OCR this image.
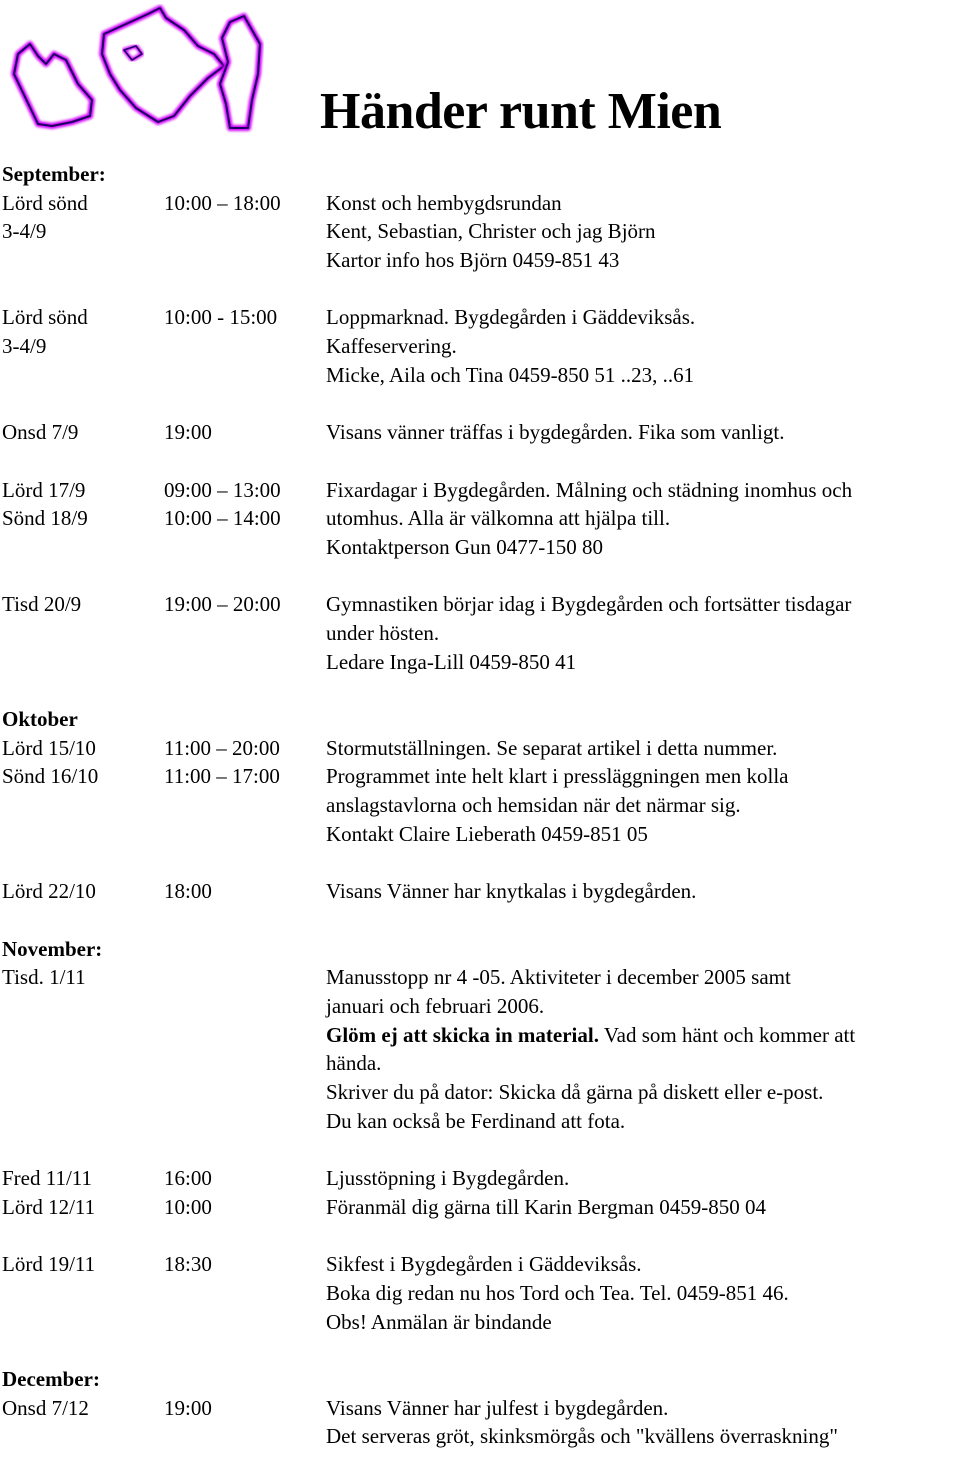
Händer runt Mien
September:
Lörd sönd	10:00 – 18:00 Konst och hembygdsrundan
3-4/9	Kent, Sebastian, Christer och jag Björn
Kartor info hos Björn 0459-851 43
Lörd sönd	10:00 - 15:00 Loppmarknad. Bygdegården i Gäddeviksås.
3-4/9	Kaffeservering.
Micke, Aila och Tina 0459-850 51 ..23, ..61
Onsd 7/9	19:00	Visans vänner träffas i bygdegården. Fika som vanligt.
Lörd 17/9	09:00 – 13:00 Fixardagar i Bygdegården. Målning och städning inomhus och
Sönd 18/9	10:00 – 14:00 utomhus. Alla är välkomna att hjälpa till.
Kontaktperson Gun 0477-150 80
Tisd 20/9	19:00 – 20:00 Gymnastiken börjar idag i Bygdegården och fortsätter tisdagar
under hösten.
Ledare Inga-Lill 0459-850 41
Oktober
Lörd 15/10	11:00 – 20:00 Stormutställningen. Se separat artikel i detta nummer.
Sönd 16/10	11:00 – 17:00 Programmet inte helt klart i pressläggningen men kolla
anslagstavlorna och hemsidan när det närmar sig.
Kontakt Claire Lieberath 0459-851 05
Lörd 22/10	18:00	Visans Vänner har knytkalas i bygdegården.
November:
Tisd. 1/11	Manusstopp nr 4 -05. Aktiviteter i december 2005 samt
januari och februari 2006.
Glöm ej att skicka in material. Vad som hänt och kommer att
hända.
Skriver du på dator: Skicka då gärna på diskett eller e-post.
Du kan också be Ferdinand att fota.
Fred 11/11	16:00	Ljusstöpning i Bygdegården.
Lörd 12/11	10:00	Föranmäl dig gärna till Karin Bergman 0459-850 04
Lörd 19/11	18:30	Sikfest i Bygdegården i Gäddeviksås.
Boka dig redan nu hos Tord och Tea. Tel. 0459-851 46.
Obs! Anmälan är bindande
December:
Onsd 7/12	19:00	Visans Vänner har julfest i bygdegården.
Det serveras gröt, skinksmörgås och "kvällens överraskning"
